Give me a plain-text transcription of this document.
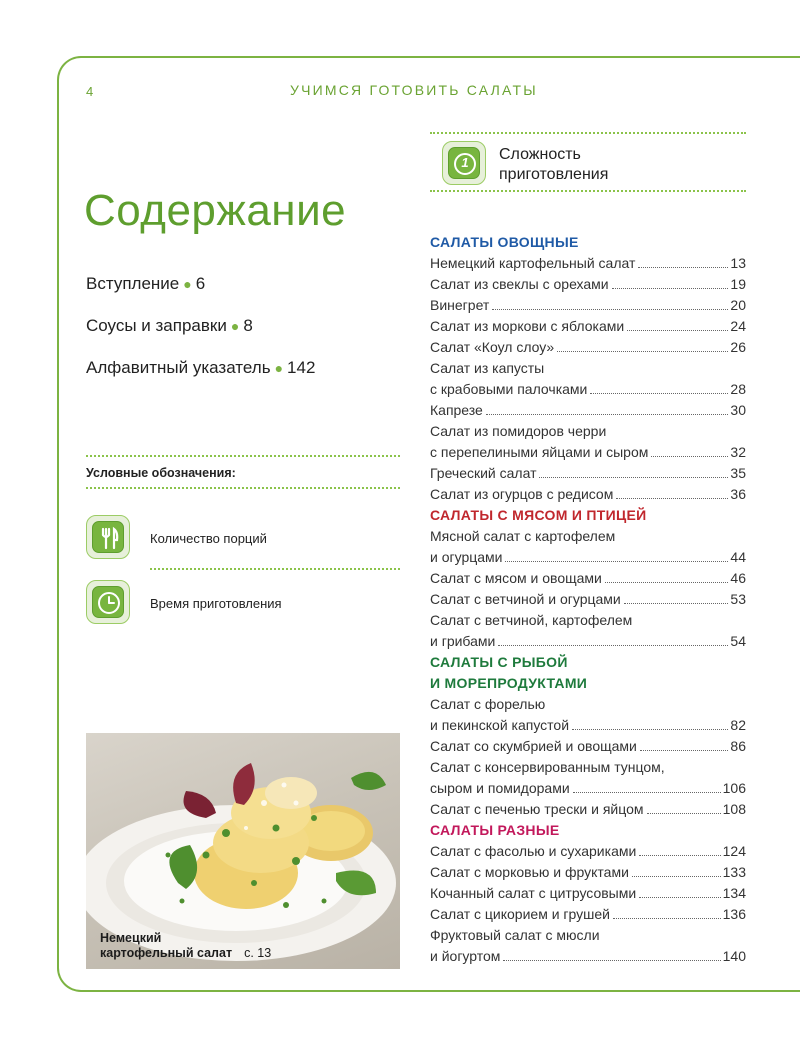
4	УЧИМСЯ ГОТОВИТЬ САЛАТЫ
Содержание
Вступление ● 6
Соусы и заправки ● 8
Алфавитный указатель ● 142
Условные обозначения:
Количество порций
Время приготовления
Немецкий
картофельный салат с. 13
1	Сложность
приготовления
САЛАТЫ ОВОЩНЫЕ
Немецкий картофельный салат	13
Салат из свеклы с орехами	19
Винегрет	20
Салат из моркови с яблоками	24
Салат «Коул слоу»	26
Салат из капусты
с крабовыми палочками	28
Капрезе	30
Салат из помидоров черри
с перепелиными яйцами и сыром	32
Греческий салат	35
Салат из огурцов с редисом	36
САЛАТЫ С МЯСОМ И ПТИЦЕЙ
Мясной салат с картофелем
и огурцами	44
Салат с мясом и овощами	46
Салат с ветчиной и огурцами	53
Салат с ветчиной, картофелем
и грибами	54
САЛАТЫ С РЫБОЙ
И МОРЕПРОДУКТАМИ
Салат с форелью
и пекинской капустой	82
Салат со скумбрией и овощами	86
Салат с консервированным тунцом,
сыром и помидорами	106
Салат с печенью трески и яйцом	108
САЛАТЫ РАЗНЫЕ
Салат с фасолью и сухариками	124
Салат с морковью и фруктами	133
Кочанный салат с цитрусовыми	134
Салат с цикорием и грушей	136
Фруктовый салат с мюсли
и йогуртом	140
